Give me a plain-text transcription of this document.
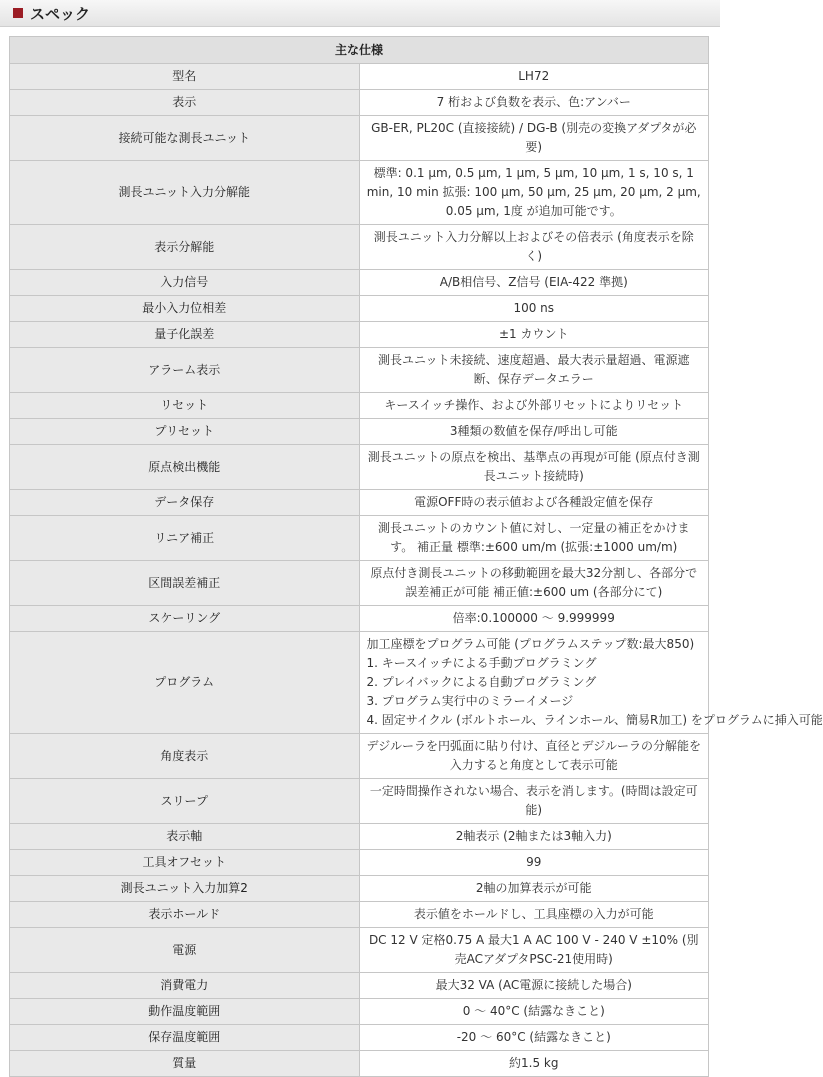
スペック
主な仕様	
型名	LH72
表示	7 桁および負数を表示、色:アンバー
接続可能な測長ユニット	GB-ER, PL20C (直接接続) / DG-B (別売の変換アダプタが必要)
測長ユニット入力分解能	標準: 0.1 μm, 0.5 μm, 1 μm, 5 μm, 10 μm, 1 s, 10 s, 1 min, 10 min 拡張: 100 μm, 50 μm, 25 μm, 20 μm, 2 μm, 0.05 μm, 1度 が追加可能です。
表示分解能	測長ユニット入力分解以上およびその倍表示 (角度表示を除く)
入力信号	A/B相信号、Z信号 (EIA-422 準拠)
最小入力位相差	100 ns
量子化誤差	±1 カウント
アラーム表示	測長ユニット未接続、速度超過、最大表示量超過、電源遮断、保存データエラー
リセット	キースイッチ操作、および外部リセットによりリセット
プリセット	3種類の数値を保存/呼出し可能
原点検出機能	測長ユニットの原点を検出、基準点の再現が可能 (原点付き測長ユニット接続時)
データ保存	電源OFF時の表示値および各種設定値を保存
リニア補正	測長ユニットのカウント値に対し、一定量の補正をかけます。 補正量 標準:±600 um/m (拡張:±1000 um/m)
区間誤差補正	原点付き測長ユニットの移動範囲を最大32分割し、各部分で誤差補正が可能 補正値:±600 um (各部分にて)
スケーリング	倍率:0.100000 ～ 9.999999
プログラム	加工座標をプログラム可能 (プログラムステップ数:最大850)
1. キースイッチによる手動プログラミング
2. プレイバックによる自動プログラミング
3. プログラム実行中のミラーイメージ
4. 固定サイクル (ボルトホール、ラインホール、簡易R加工) をプログラムに挿入可能

角度表示	デジルーラを円弧面に貼り付け、直径とデジルーラの分解能を入力すると角度として表示可能
スリープ	一定時間操作されない場合、表示を消します。(時間は設定可能)
表示軸	2軸表示 (2軸または3軸入力)
工具オフセット	99
測長ユニット入力加算2	2軸の加算表示が可能
表示ホールド	表示値をホールドし、工具座標の入力が可能
電源	DC 12 V 定格0.75 A 最大1 A AC 100 V - 240 V ±10% (別売ACアダプタPSC-21使用時)
消費電力	最大32 VA (AC電源に接続した場合)
動作温度範囲	0 ～ 40°C (結露なきこと)
保存温度範囲	-20 ～ 60°C (結露なきこと)
質量	約1.5 kg
